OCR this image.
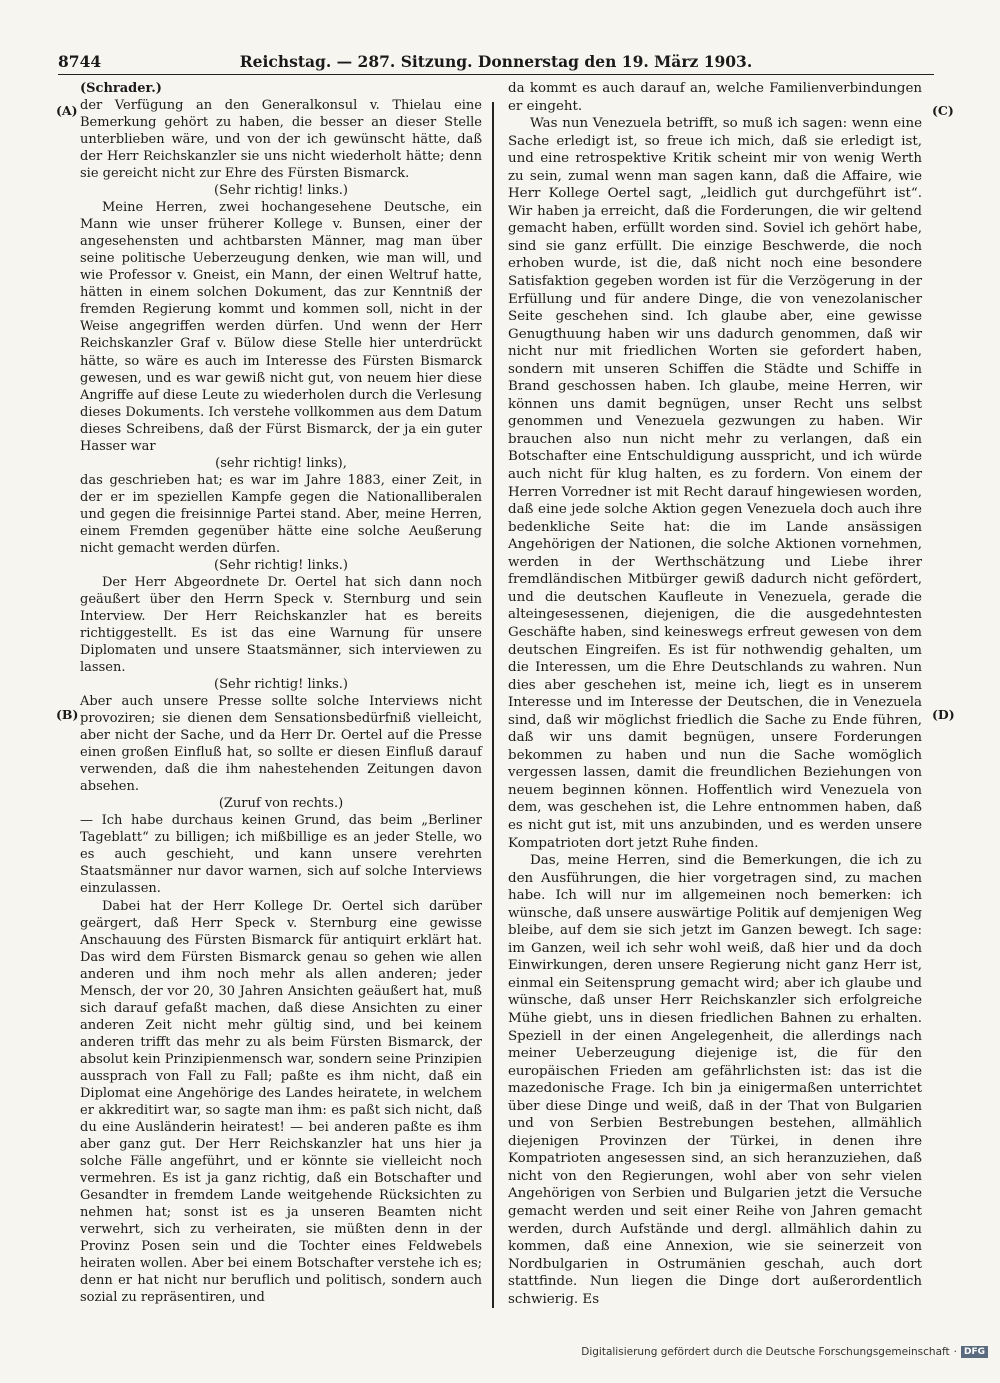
8744	Reichstag. — 287. Sitzung. Donnerstag den 19. März 1903.
(A)
(B)
(C)
(D)

(Schrader.)

der Verfügung an den Generalkonsul v. Thielau eine Bemerkung gehört zu haben, die besser an dieser Stelle unterblieben wäre, und von der ich gewünscht hätte, daß der Herr Reichskanzler sie uns nicht wiederholt hätte; denn sie gereicht nicht zur Ehre des Fürsten Bismarck.

(Sehr richtig! links.)

Meine Herren, zwei hochangesehene Deutsche, ein Mann wie unser früherer Kollege v. Bunsen, einer der angesehensten und achtbarsten Männer, mag man über seine politische Ueberzeugung denken, wie man will, und wie Professor v. Gneist, ein Mann, der einen Weltruf hatte, hätten in einem solchen Dokument, das zur Kenntniß der fremden Regierung kommt und kommen soll, nicht in der Weise angegriffen werden dürfen. Und wenn der Herr Reichskanzler Graf v. Bülow diese Stelle hier unterdrückt hätte, so wäre es auch im Interesse des Fürsten Bismarck gewesen, und es war gewiß nicht gut, von neuem hier diese Angriffe auf diese Leute zu wiederholen durch die Verlesung dieses Dokuments. Ich verstehe vollkommen aus dem Datum dieses Schreibens, daß der Fürst Bismarck, der ja ein guter Hasser war

(sehr richtig! links),

das geschrieben hat; es war im Jahre 1883, einer Zeit, in der er im speziellen Kampfe gegen die Nationalliberalen und gegen die freisinnige Partei stand. Aber, meine Herren, einem Fremden gegenüber hätte eine solche Aeußerung nicht gemacht werden dürfen.

(Sehr richtig! links.)

Der Herr Abgeordnete Dr. Oertel hat sich dann noch geäußert über den Herrn Speck v. Sternburg und sein Interview. Der Herr Reichskanzler hat es bereits richtiggestellt. Es ist das eine Warnung für unsere Diplomaten und unsere Staatsmänner, sich interviewen zu lassen.

(Sehr richtig! links.)

Aber auch unsere Presse sollte solche Interviews nicht provoziren; sie dienen dem Sensationsbedürfniß vielleicht, aber nicht der Sache, und da Herr Dr. Oertel auf die Presse einen großen Einfluß hat, so sollte er diesen Einfluß darauf verwenden, daß die ihm nahestehenden Zeitungen davon absehen.

(Zuruf von rechts.)

— Ich habe durchaus keinen Grund, das beim „Berliner Tageblatt“ zu billigen; ich mißbillige es an jeder Stelle, wo es auch geschieht, und kann unsere verehrten Staatsmänner nur davor warnen, sich auf solche Interviews einzulassen.

Dabei hat der Herr Kollege Dr. Oertel sich darüber geärgert, daß Herr Speck v. Sternburg eine gewisse Anschauung des Fürsten Bismarck für antiquirt erklärt hat. Das wird dem Fürsten Bismarck genau so gehen wie allen anderen und ihm noch mehr als allen anderen; jeder Mensch, der vor 20, 30 Jahren Ansichten geäußert hat, muß sich darauf gefaßt machen, daß diese Ansichten zu einer anderen Zeit nicht mehr gültig sind, und bei keinem anderen trifft das mehr zu als beim Fürsten Bismarck, der absolut kein Prinzipienmensch war, sondern seine Prinzipien aussprach von Fall zu Fall; paßte es ihm nicht, daß ein Diplomat eine Angehörige des Landes heiratete, in welchem er akkreditirt war, so sagte man ihm: es paßt sich nicht, daß du eine Ausländerin heiratest! — bei anderen paßte es ihm aber ganz gut. Der Herr Reichskanzler hat uns hier ja solche Fälle angeführt, und er könnte sie vielleicht noch vermehren. Es ist ja ganz richtig, daß ein Botschafter und Gesandter in fremdem Lande weitgehende Rücksichten zu nehmen hat; sonst ist es ja unseren Beamten nicht verwehrt, sich zu verheiraten, sie müßten denn in der Provinz Posen sein und die Tochter eines Feldwebels heiraten wollen. Aber bei einem Botschafter verstehe ich es; denn er hat nicht nur beruflich und politisch, sondern auch sozial zu repräsentiren, und

da kommt es auch darauf an, welche Familienverbindungen er eingeht.

Was nun Venezuela betrifft, so muß ich sagen: wenn eine Sache erledigt ist, so freue ich mich, daß sie erledigt ist, und eine retrospektive Kritik scheint mir von wenig Werth zu sein, zumal wenn man sagen kann, daß die Affaire, wie Herr Kollege Oertel sagt, „leidlich gut durchgeführt ist“. Wir haben ja erreicht, daß die Forderungen, die wir geltend gemacht haben, erfüllt worden sind. Soviel ich gehört habe, sind sie ganz erfüllt. Die einzige Beschwerde, die noch erhoben wurde, ist die, daß nicht noch eine besondere Satisfaktion gegeben worden ist für die Verzögerung in der Erfüllung und für andere Dinge, die von venezolanischer Seite geschehen sind. Ich glaube aber, eine gewisse Genugthuung haben wir uns dadurch genommen, daß wir nicht nur mit friedlichen Worten sie gefordert haben, sondern mit unseren Schiffen die Städte und Schiffe in Brand geschossen haben. Ich glaube, meine Herren, wir können uns damit begnügen, unser Recht uns selbst genommen und Venezuela gezwungen zu haben. Wir brauchen also nun nicht mehr zu verlangen, daß ein Botschafter eine Entschuldigung ausspricht, und ich würde auch nicht für klug halten, es zu fordern. Von einem der Herren Vorredner ist mit Recht darauf hingewiesen worden, daß eine jede solche Aktion gegen Venezuela doch auch ihre bedenkliche Seite hat: die im Lande ansässigen Angehörigen der Nationen, die solche Aktionen vornehmen, werden in der Werthschätzung und Liebe ihrer fremdländischen Mitbürger gewiß dadurch nicht gefördert, und die deutschen Kaufleute in Venezuela, gerade die alteingesessenen, diejenigen, die die ausgedehntesten Geschäfte haben, sind keineswegs erfreut gewesen von dem deutschen Eingreifen. Es ist für nothwendig gehalten, um die Interessen, um die Ehre Deutschlands zu wahren. Nun dies aber geschehen ist, meine ich, liegt es in unserem Interesse und im Interesse der Deutschen, die in Venezuela sind, daß wir möglichst friedlich die Sache zu Ende führen, daß wir uns damit begnügen, unsere Forderungen bekommen zu haben und nun die Sache womöglich vergessen lassen, damit die freundlichen Beziehungen von neuem beginnen können. Hoffentlich wird Venezuela von dem, was geschehen ist, die Lehre entnommen haben, daß es nicht gut ist, mit uns anzubinden, und es werden unsere Kompatrioten dort jetzt Ruhe finden.

Das, meine Herren, sind die Bemerkungen, die ich zu den Ausführungen, die hier vorgetragen sind, zu machen habe. Ich will nur im allgemeinen noch bemerken: ich wünsche, daß unsere auswärtige Politik auf demjenigen Weg bleibe, auf dem sie sich jetzt im Ganzen bewegt. Ich sage: im Ganzen, weil ich sehr wohl weiß, daß hier und da doch Einwirkungen, deren unsere Regierung nicht ganz Herr ist, einmal ein Seitensprung gemacht wird; aber ich glaube und wünsche, daß unser Herr Reichskanzler sich erfolgreiche Mühe giebt, uns in diesen friedlichen Bahnen zu erhalten. Speziell in der einen Angelegenheit, die allerdings nach meiner Ueberzeugung diejenige ist, die für den europäischen Frieden am gefährlichsten ist: das ist die mazedonische Frage. Ich bin ja einigermaßen unterrichtet über diese Dinge und weiß, daß in der That von Bulgarien und von Serbien Bestrebungen bestehen, allmählich diejenigen Provinzen der Türkei, in denen ihre Kompatrioten angesessen sind, an sich heranzuziehen, daß nicht von den Regierungen, wohl aber von sehr vielen Angehörigen von Serbien und Bulgarien jetzt die Versuche gemacht werden und seit einer Reihe von Jahren gemacht werden, durch Aufstände und dergl. allmählich dahin zu kommen, daß eine Annexion, wie sie seinerzeit von Nordbulgarien in Ostrumänien geschah, auch dort stattfinde. Nun liegen die Dinge dort außerordentlich schwierig. Es

Digitalisierung gefördert durch die Deutsche Forschungsgemeinschaft · DFG
